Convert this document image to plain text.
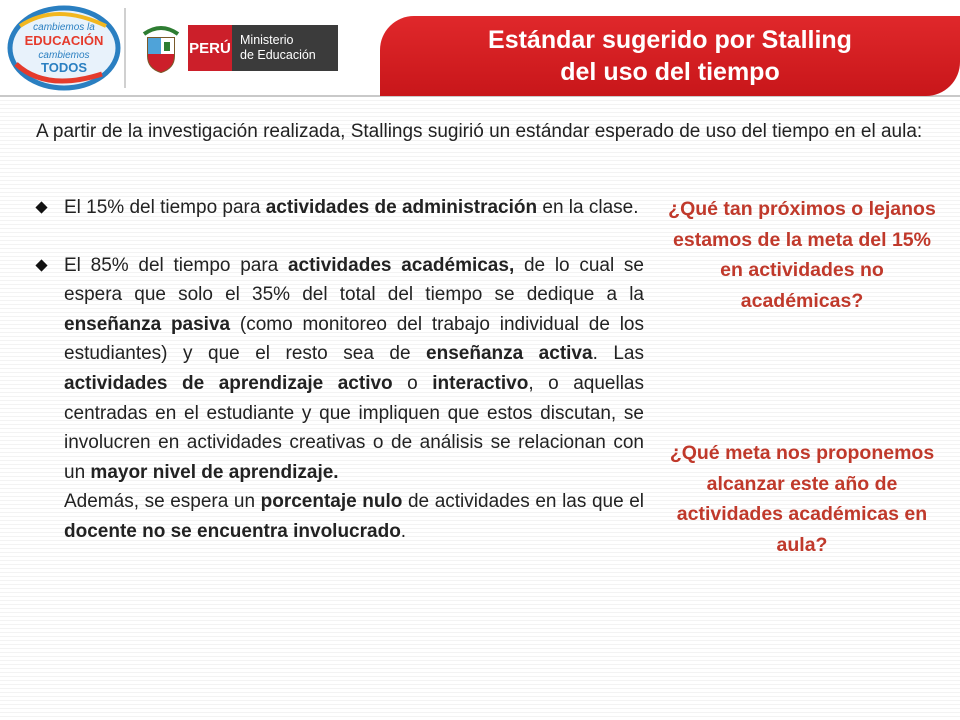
cambiemos la
EDUCACIÓN
cambiemos
TODOS
PERÚ Ministerio
de Educación
Estándar sugerido por Stalling
del uso del tiempo

A partir de la investigación realizada, Stallings sugirió un estándar esperado de uso del tiempo en el aula:

El 15% del tiempo para actividades de administración en la clase.
El 85% del tiempo para actividades académicas, de lo cual se espera que solo el 35% del total del tiempo se dedique a la enseñanza pasiva (como monitoreo del trabajo individual de los estudiantes) y que el resto sea de enseñanza activa. Las actividades de aprendizaje activo o interactivo, o aquellas centradas en el estudiante y que impliquen que estos discutan, se involucren en actividades creativas o de análisis se relacionan con un mayor nivel de aprendizaje.
Además, se espera un porcentaje nulo de actividades en las que el docente no se encuentra involucrado.
¿Qué tan próximos o lejanos estamos de la meta del 15% en actividades no académicas?
¿Qué meta nos proponemos alcanzar este año de actividades académicas en aula?
